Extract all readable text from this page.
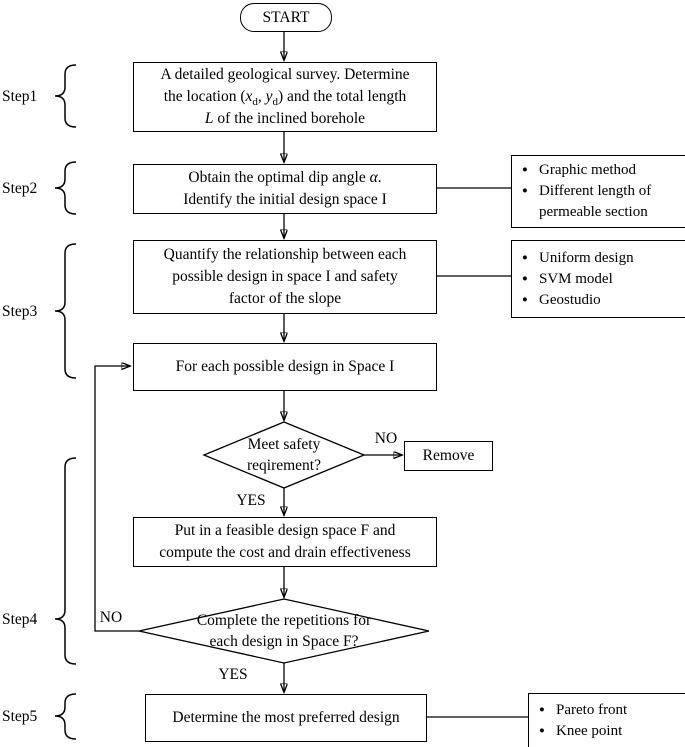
START
Step1
Step2
Step3
Step4
Step5
A detailed geological survey. Determine
the location ($x_d$, $y_d$) and the total length
L of the inclined borehole
Obtain the optimal dip angle α.
Identify the initial design space I
Quantify the relationship between each
possible design in space I and safety
factor of the slope
For each possible design in Space I
Meet safety
reqirement?
Remove
Put in a feasible design space F and
compute the cost and drain effectiveness
Complete the repetitions for
each design in Space F?
Determine the most preferred design
● Graphic method
● Different length of permeable section
● Uniform design
● SVM model
● Geostudio
● Pareto front
● Knee point
NO
YES
NO
YES
